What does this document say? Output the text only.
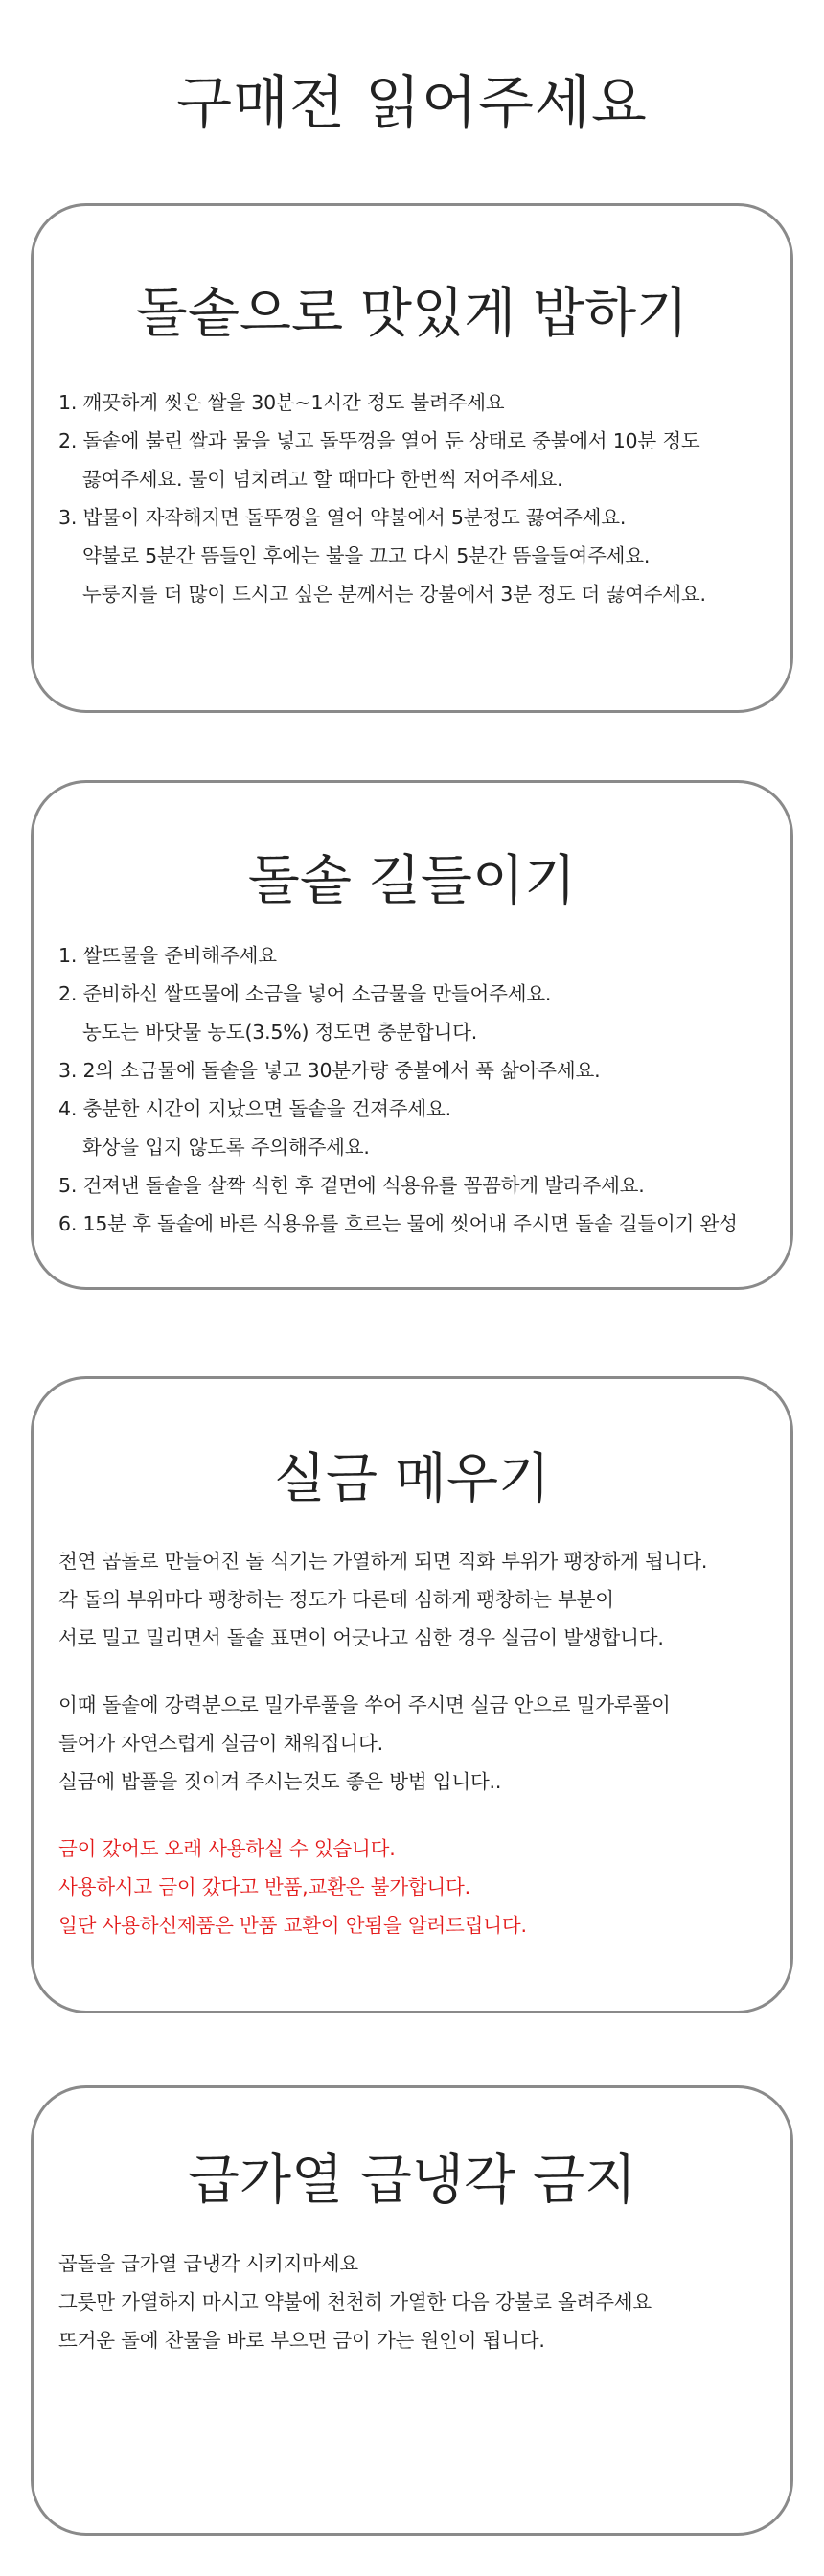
구매전 읽어주세요
돌솥으로 맛있게 밥하기
1. 깨끗하게 씻은 쌀을 30분~1시간 정도 불려주세요
2. 돌솥에 불린 쌀과 물을 넣고 돌뚜껑을 열어 둔 상태로 중불에서 10분 정도
끓여주세요. 물이 넘치려고 할 때마다 한번씩 저어주세요.
3. 밥물이 자작해지면 돌뚜껑을 열어 약불에서 5분정도 끓여주세요.
약불로 5분간 뜸들인 후에는 불을 끄고 다시 5분간 뜸을들여주세요.
누룽지를 더 많이 드시고 싶은 분께서는 강불에서 3분 정도 더 끓여주세요.
돌솥 길들이기
1. 쌀뜨물을 준비해주세요
2. 준비하신 쌀뜨물에 소금을 넣어 소금물을 만들어주세요.
농도는 바닷물 농도(3.5%) 정도면 충분합니다.
3. 2의 소금물에 돌솥을 넣고 30분가량 중불에서 푹 삶아주세요.
4. 충분한 시간이 지났으면 돌솥을 건져주세요.
화상을 입지 않도록 주의해주세요.
5. 건져낸 돌솥을 살짝 식힌 후 겉면에 식용유를 꼼꼼하게 발라주세요.
6. 15분 후 돌솥에 바른 식용유를 흐르는 물에 씻어내 주시면 돌솥 길들이기 완성
실금 메우기
천연 곱돌로 만들어진 돌 식기는 가열하게 되면 직화 부위가 팽창하게 됩니다.
각 돌의 부위마다 팽창하는 정도가 다른데 심하게 팽창하는 부분이
서로 밀고 밀리면서 돌솥 표면이 어긋나고 심한 경우 실금이 발생합니다.
이때 돌솥에 강력분으로 밀가루풀을 쑤어 주시면 실금 안으로 밀가루풀이
들어가 자연스럽게 실금이 채워집니다.
실금에 밥풀을 짓이겨 주시는것도 좋은 방법 입니다..
금이 갔어도 오래 사용하실 수 있습니다.
사용하시고 금이 갔다고 반품,교환은 불가합니다.
일단 사용하신제품은 반품 교환이 안됨을 알려드립니다.
급가열 급냉각 금지
곱돌을 급가열 급냉각 시키지마세요
그릇만 가열하지 마시고 약불에 천천히 가열한 다음 강불로 올려주세요
뜨거운 돌에 찬물을 바로 부으면 금이 가는 원인이 됩니다.
